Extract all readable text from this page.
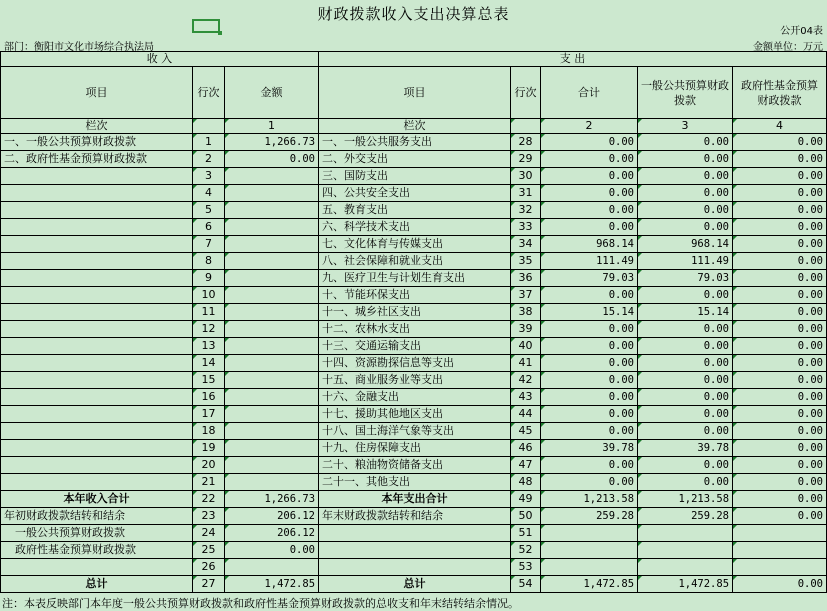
财政拨款收入支出决算总表
公开04表
部门：衡阳市文化市场综合执法局	金额单位：万元
收 入			支 出				
项目	行次	金额	项目	行次	合计	一般公共预算财政拨款	政府性基金预算财政拨款
栏次		1	栏次		2	3	4
一、一般公共预算财政拨款	1	1,266.73	一、一般公共服务支出	28	0.00	0.00	0.00
二、政府性基金预算财政拨款	2	0.00	二、外交支出	29	0.00	0.00	0.00
	3		三、国防支出	30	0.00	0.00	0.00
	4		四、公共安全支出	31	0.00	0.00	0.00
	5		五、教育支出	32	0.00	0.00	0.00
	6		六、科学技术支出	33	0.00	0.00	0.00
	7		七、文化体育与传媒支出	34	968.14	968.14	0.00
	8		八、社会保障和就业支出	35	111.49	111.49	0.00
	9		九、医疗卫生与计划生育支出	36	79.03	79.03	0.00
	10		十、节能环保支出	37	0.00	0.00	0.00
	11		十一、城乡社区支出	38	15.14	15.14	0.00
	12		十二、农林水支出	39	0.00	0.00	0.00
	13		十三、交通运输支出	40	0.00	0.00	0.00
	14		十四、资源勘探信息等支出	41	0.00	0.00	0.00
	15		十五、商业服务业等支出	42	0.00	0.00	0.00
	16		十六、金融支出	43	0.00	0.00	0.00
	17		十七、援助其他地区支出	44	0.00	0.00	0.00
	18		十八、国土海洋气象等支出	45	0.00	0.00	0.00
	19		十九、住房保障支出	46	39.78	39.78	0.00
	20		二十、粮油物资储备支出	47	0.00	0.00	0.00
	21		二十一、其他支出	48	0.00	0.00	0.00
本年收入合计	22	1,266.73	本年支出合计	49	1,213.58	1,213.58	0.00
年初财政拨款结转和结余	23	206.12	年末财政拨款结转和结余	50	259.28	259.28	0.00
一般公共预算财政拨款	24	206.12		51			
政府性基金预算财政拨款	25	0.00		52			
	26			53			
总计	27	1,472.85	总计	54	1,472.85	1,472.85	0.00
注：本表反映部门本年度一般公共预算财政拨款和政府性基金预算财政拨款的总收支和年末结转结余情况。
